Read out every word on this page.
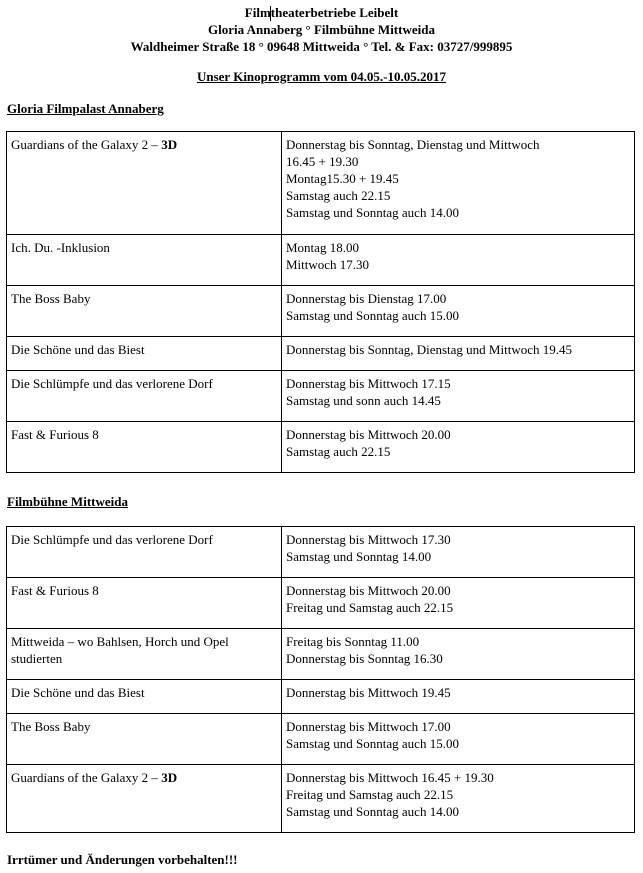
Filmtheaterbetriebe Leibelt
Gloria Annaberg ° Filmbühne Mittweida
Waldheimer Straße 18 ° 09648 Mittweida ° Tel. & Fax: 03727/999895
Unser Kinoprogramm vom 04.05.-10.05.2017
Gloria Filmpalast Annaberg
Guardians of the Galaxy 2 – 3D	Donnerstag bis Sonntag, Dienstag und Mittwoch
16.45 + 19.30
Montag15.30 + 19.45
Samstag auch 22.15
Samstag und Sonntag auch 14.00

Ich. Du. -Inklusion	Montag 18.00
Mittwoch 17.30

The Boss Baby	Donnerstag bis Dienstag 17.00
Samstag und Sonntag auch 15.00

Die Schöne und das Biest	Donnerstag bis Sonntag, Dienstag und Mittwoch 19.45

Die Schlümpfe und das verlorene Dorf	Donnerstag bis Mittwoch 17.15
Samstag und sonn auch 14.45

Fast & Furious 8	Donnerstag bis Mittwoch 20.00
Samstag auch 22.15
Filmbühne Mittweida
Die Schlümpfe und das verlorene Dorf	Donnerstag bis Mittwoch 17.30
Samstag und Sonntag 14.00

Fast & Furious 8	Donnerstag bis Mittwoch 20.00
Freitag und Samstag auch 22.15

Mittweida – wo Bahlsen, Horch und Opel studierten	Freitag bis Sonntag 11.00
Donnerstag bis Sonntag 16.30

Die Schöne und das Biest	Donnerstag bis Mittwoch 19.45

The Boss Baby	Donnerstag bis Mittwoch 17.00
Samstag und Sonntag auch 15.00

Guardians of the Galaxy 2 – 3D	Donnerstag bis Mittwoch 16.45 + 19.30
Freitag und Samstag auch 22.15
Samstag und Sonntag auch 14.00
Irrtümer und Änderungen vorbehalten!!!
